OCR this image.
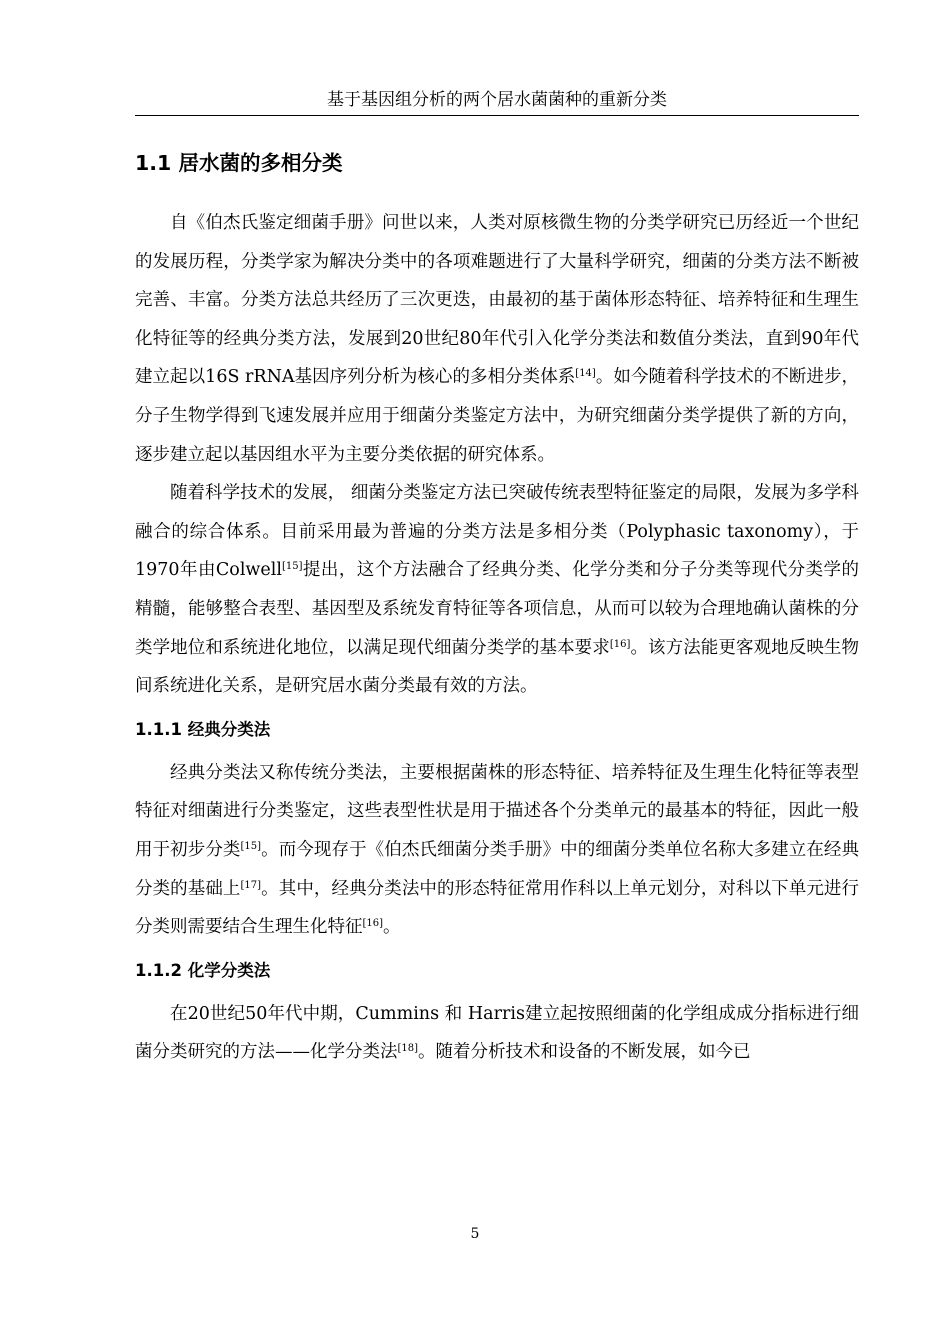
基于基因组分析的两个居水菌菌种的重新分类
1.1 居水菌的多相分类

自《伯杰氏鉴定细菌手册》问世以来，人类对原核微生物的分类学研究已历经近一个世纪的发展历程，分类学家为解决分类中的各项难题进行了大量科学研究，细菌的分类方法不断被完善、丰富。分类方法总共经历了三次更迭，由最初的基于菌体形态特征、培养特征和生理生化特征等的经典分类方法，发展到20世纪80年代引入化学分类法和数值分类法，直到90年代建立起以16S rRNA基因序列分析为核心的多相分类体系[14]。如今随着科学技术的不断进步，分子生物学得到飞速发展并应用于细菌分类鉴定方法中，为研究细菌分类学提供了新的方向，逐步建立起以基因组水平为主要分类依据的研究体系。

随着科学技术的发展， 细菌分类鉴定方法已突破传统表型特征鉴定的局限，发展为多学科融合的综合体系。目前采用最为普遍的分类方法是多相分类（Polyphasic taxonomy），于1970年由Colwell[15]提出，这个方法融合了经典分类、化学分类和分子分类等现代分类学的精髓，能够整合表型、基因型及系统发育特征等各项信息，从而可以较为合理地确认菌株的分类学地位和系统进化地位，以满足现代细菌分类学的基本要求[16]。该方法能更客观地反映生物间系统进化关系，是研究居水菌分类最有效的方法。

1.1.1 经典分类法

经典分类法又称传统分类法，主要根据菌株的形态特征、培养特征及生理生化特征等表型特征对细菌进行分类鉴定，这些表型性状是用于描述各个分类单元的最基本的特征，因此一般用于初步分类[15]。而今现存于《伯杰氏细菌分类手册》中的细菌分类单位名称大多建立在经典分类的基础上[17]。其中，经典分类法中的形态特征常用作科以上单元划分，对科以下单元进行分类则需要结合生理生化特征[16]。

1.1.2 化学分类法

在20世纪50年代中期，Cummins 和 Harris建立起按照细菌的化学组成成分指标进行细菌分类研究的方法——化学分类法[18]。随着分析技术和设备的不断发展，如今已

5
